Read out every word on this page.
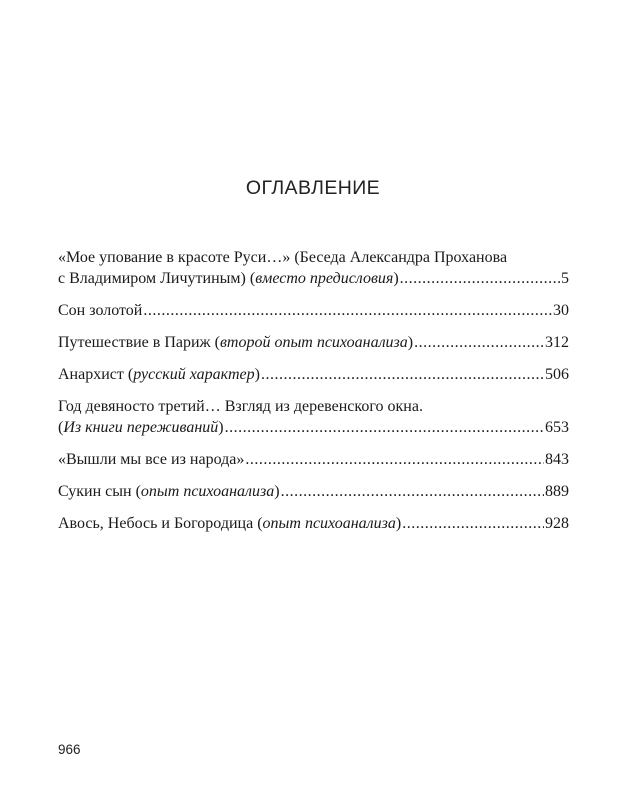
ОГЛАВЛЕНИЕ
«Мое упование в красоте Руси…» (Беседа Александра Проханова
с Владимиром Личутиным) (вместо предисловия) .....	5
Сон золотой .....	30
Путешествие в Париж (второй опыт психоанализа) .....	312
Анархист (русский характер) .....	506
Год девяносто третий… Взгляд из деревенского окна.
(Из книги переживаний) .....	653
«Вышли мы все из народа» .....	843
Сукин сын (опыт психоанализа) .....	889
Авось, Небось и Богородица (опыт психоанализа) .....	928
966
